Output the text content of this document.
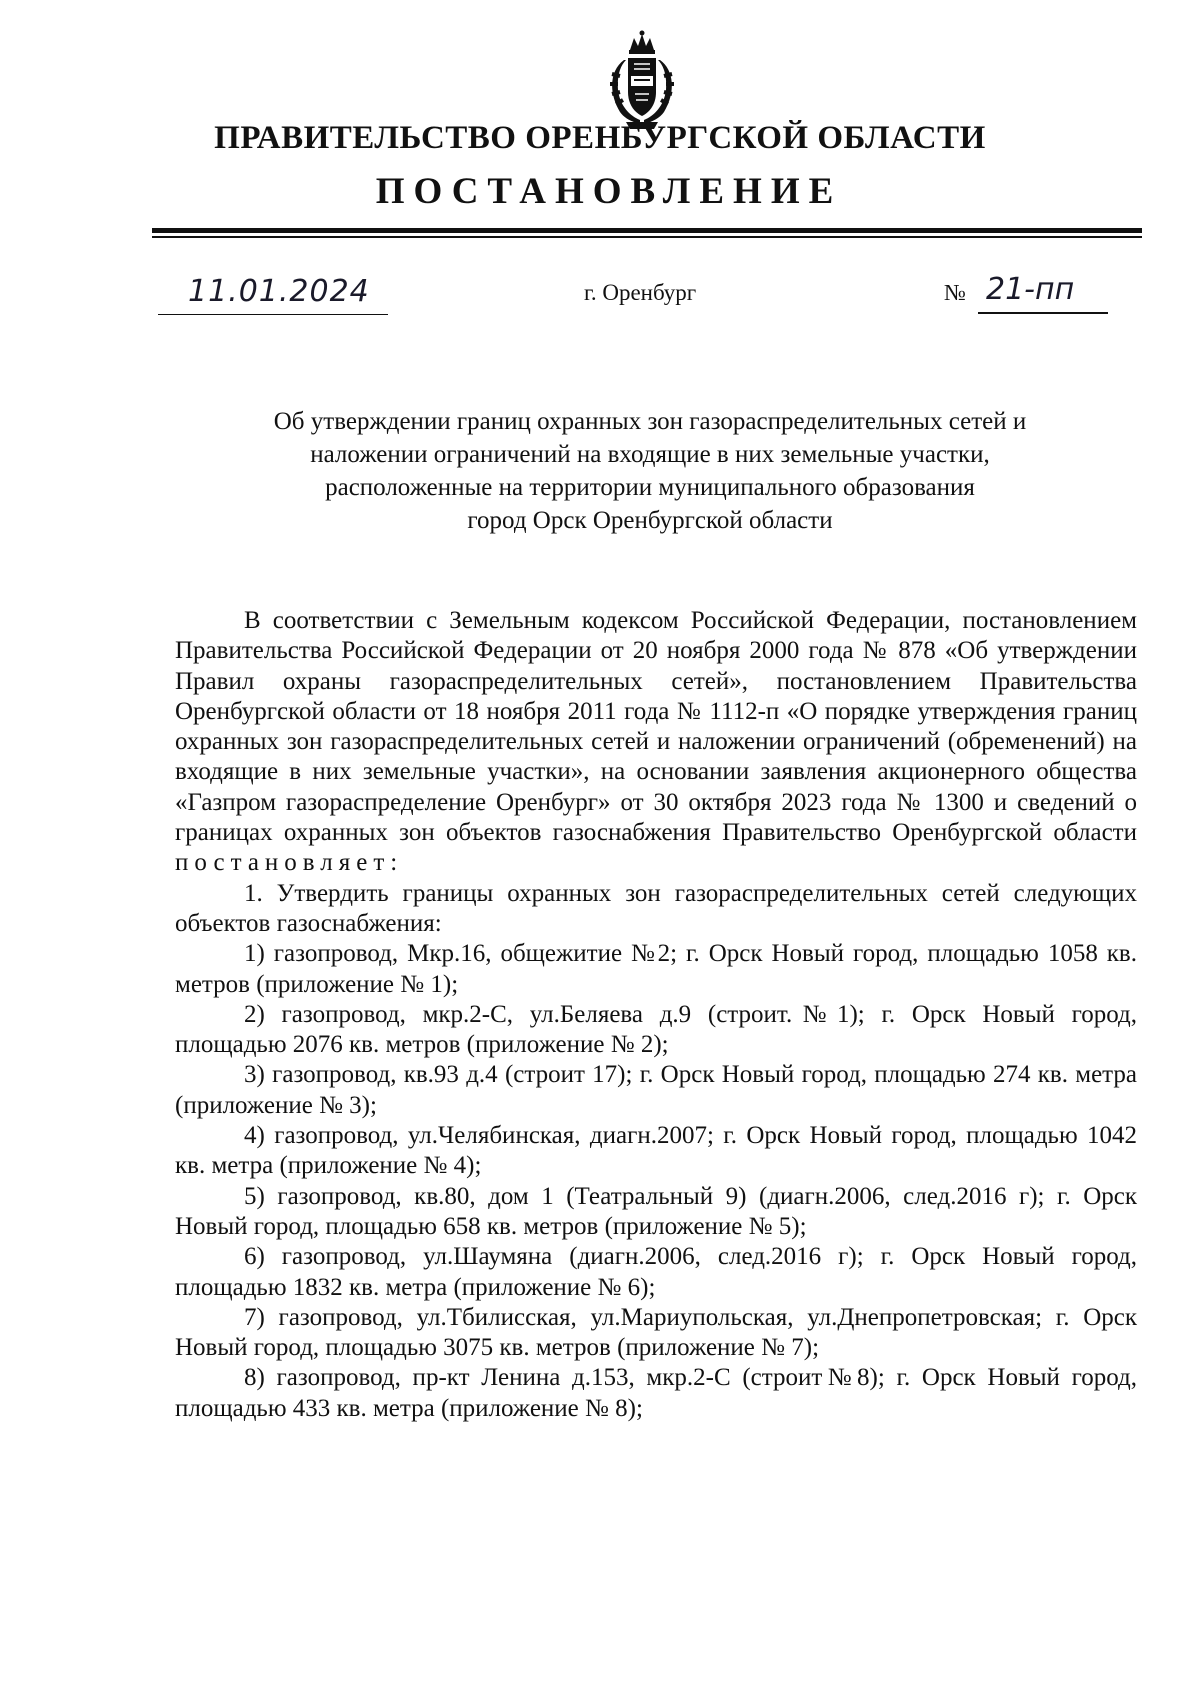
ПРАВИТЕЛЬСТВО ОРЕНБУРГСКОЙ ОБЛАСТИ
ПОСТАНОВЛЕНИЕ
11.01.2024	г. Оренбург	№ 21-пп
Об утверждении границ охранных зон газораспределительных сетей и
наложении ограничений на входящие в них земельные участки,
расположенные на территории муниципального образования
город Орск Оренбургской области

В соответствии с Земельным кодексом Российской Федерации, постановлением Правительства Российской Федерации от 20 ноября 2000 года № 878 «Об утверждении Правил охраны газораспределительных сетей», постановлением Правительства Оренбургской области от 18 ноября 2011 года № 1112-п «О порядке утверждения границ охранных зон газораспределительных сетей и наложении ограничений (обременений) на входящие в них земельные участки», на основании заявления акционерного общества «Газпром газораспределение Оренбург» от 30 октября 2023 года № 1300 и сведений о границах охранных зон объектов газоснабжения Правительство Оренбургской области постановляет:

1. Утвердить границы охранных зон газораспределительных сетей следующих объектов газоснабжения:

1) газопровод, Мкр.16, общежитие №2; г. Орск Новый город, площадью 1058 кв. метров (приложение № 1);

2) газопровод, мкр.2-С, ул.Беляева д.9 (строит.№1); г. Орск Новый город, площадью 2076 кв. метров (приложение № 2);

3) газопровод, кв.93 д.4 (строит 17); г. Орск Новый город, площадью 274 кв. метра (приложение № 3);

4) газопровод, ул.Челябинская, диагн.2007; г. Орск Новый город, площадью 1042 кв. метра (приложение № 4);

5) газопровод, кв.80, дом 1 (Театральный 9) (диагн.2006, след.2016 г); г. Орск Новый город, площадью 658 кв. метров (приложение № 5);

6) газопровод, ул.Шаумяна (диагн.2006, след.2016 г); г. Орск Новый город, площадью 1832 кв. метра (приложение № 6);

7) газопровод, ул.Тбилисская, ул.Мариупольская, ул.Днепропетровская; г. Орск Новый город, площадью 3075 кв. метров (приложение № 7);

8) газопровод, пр-кт Ленина д.153, мкр.2-С (строит№8); г. Орск Новый город, площадью 433 кв. метра (приложение № 8);
